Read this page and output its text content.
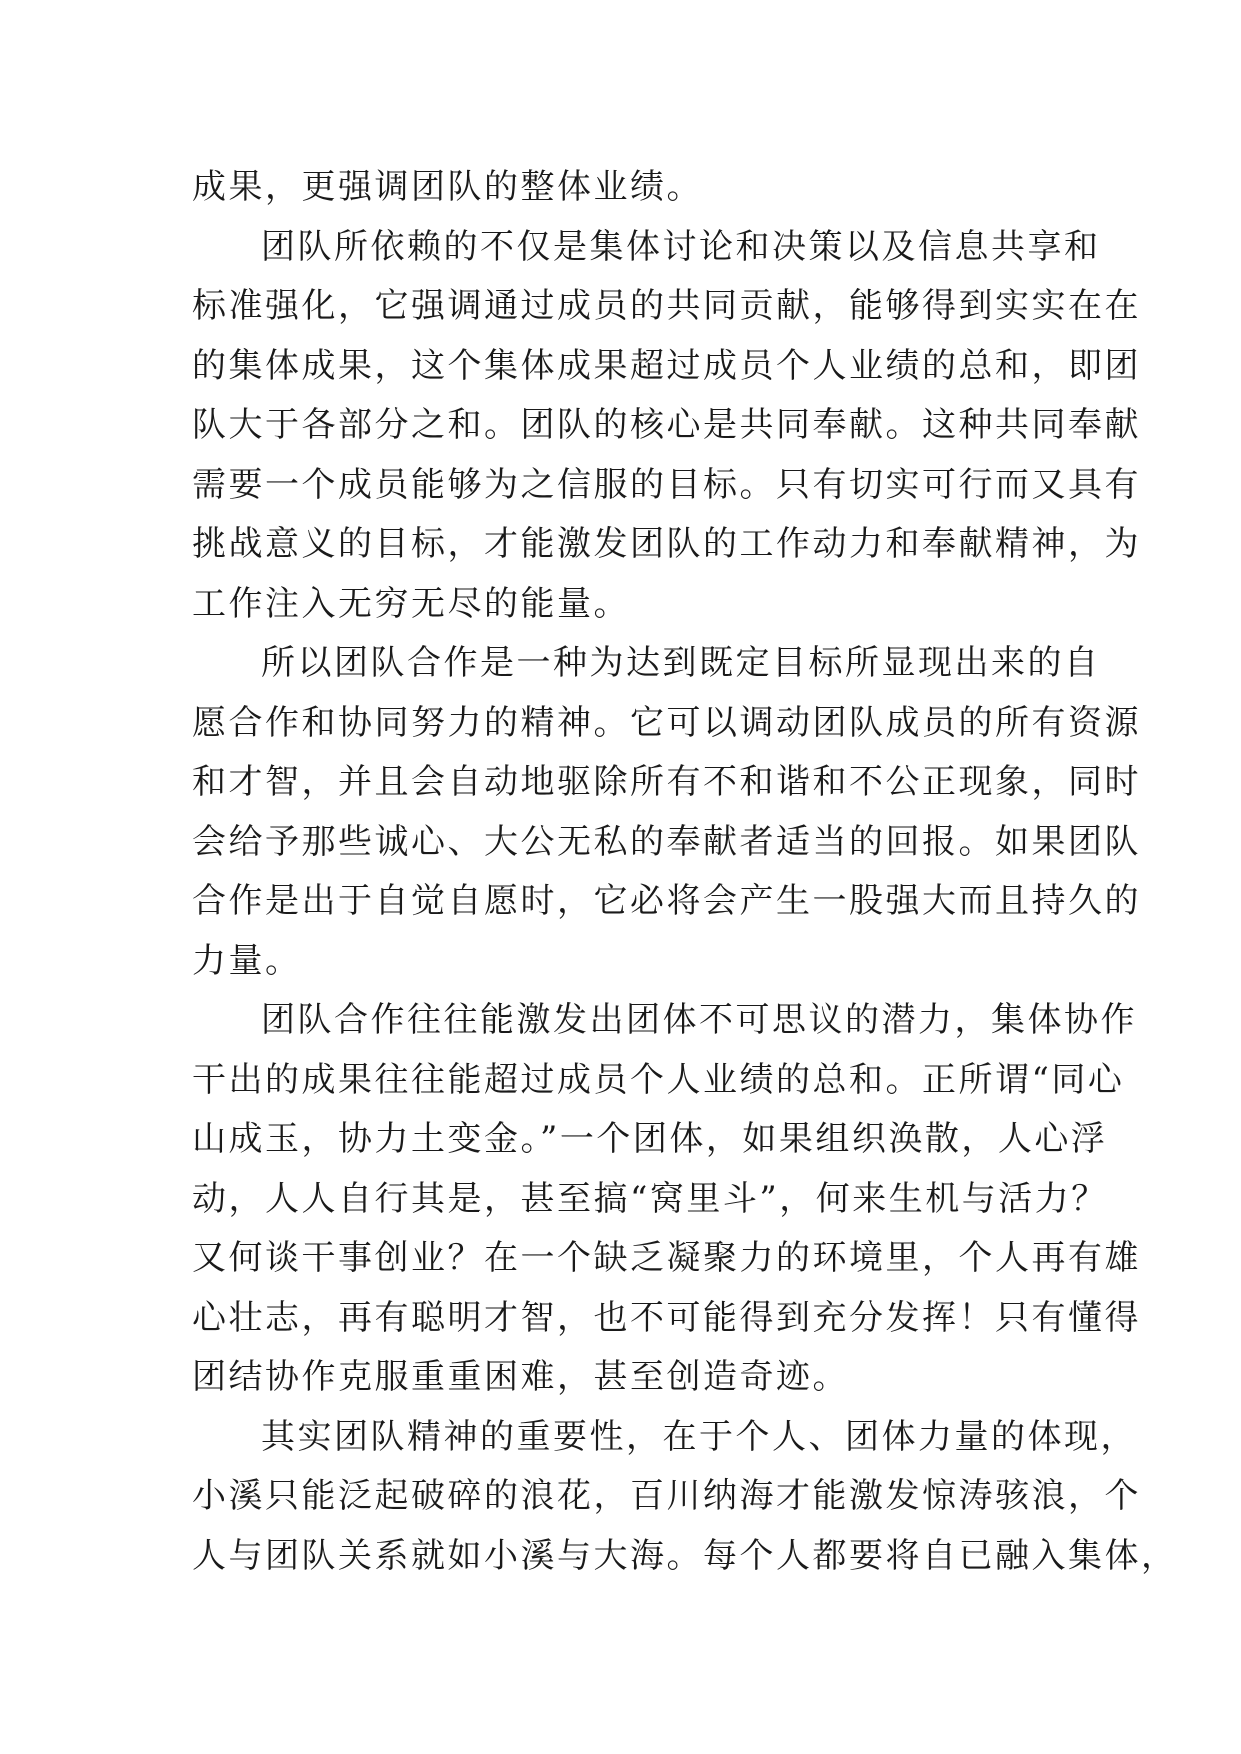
成果，更强调团队的整体业绩。
团队所依赖的不仅是集体讨论和决策以及信息共享和
标准强化，它强调通过成员的共同贡献，能够得到实实在在
的集体成果，这个集体成果超过成员个人业绩的总和，即团
队大于各部分之和。团队的核心是共同奉献。这种共同奉献
需要一个成员能够为之信服的目标。只有切实可行而又具有
挑战意义的目标，才能激发团队的工作动力和奉献精神，为
工作注入无穷无尽的能量。
所以团队合作是一种为达到既定目标所显现出来的自
愿合作和协同努力的精神。它可以调动团队成员的所有资源
和才智，并且会自动地驱除所有不和谐和不公正现象，同时
会给予那些诚心、大公无私的奉献者适当的回报。如果团队
合作是出于自觉自愿时，它必将会产生一股强大而且持久的
力量。
团队合作往往能激发出团体不可思议的潜力，集体协作
干出的成果往往能超过成员个人业绩的总和。正所谓“同心
山成玉，协力土变金。”一个团体，如果组织涣散，人心浮
动，人人自行其是，甚至搞“窝里斗”，何来生机与活力？
又何谈干事创业？在一个缺乏凝聚力的环境里，个人再有雄
心壮志，再有聪明才智，也不可能得到充分发挥！只有懂得
团结协作克服重重困难，甚至创造奇迹。
其实团队精神的重要性，在于个人、团体力量的体现，
小溪只能泛起破碎的浪花，百川纳海才能激发惊涛骇浪，个
人与团队关系就如小溪与大海。每个人都要将自已融入集体，
